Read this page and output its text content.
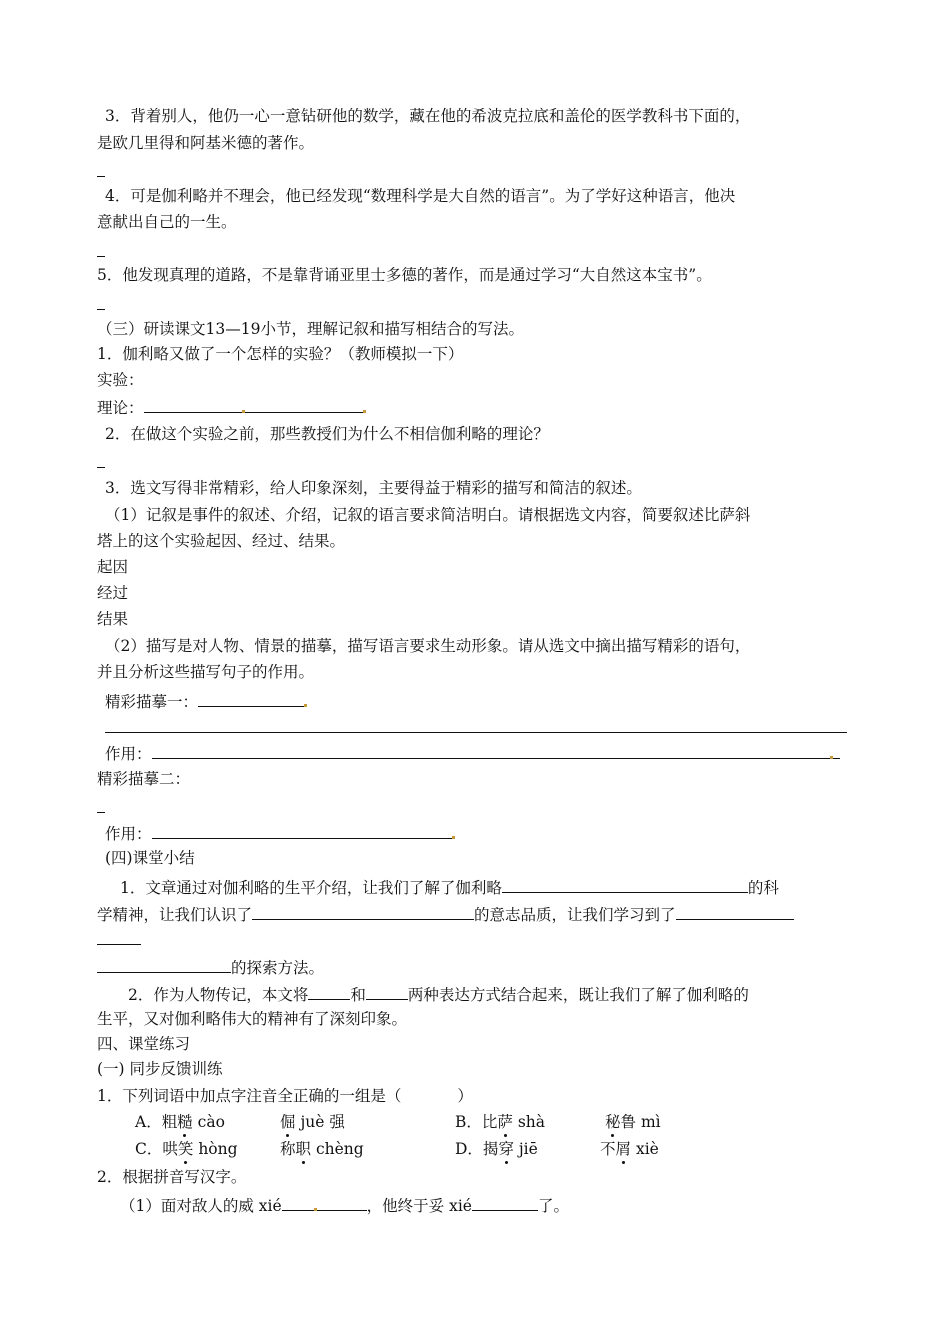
3．背着别人，他仍一心一意钻研他的数学，藏在他的希波克拉底和盖伦的医学教科书下面的，
是欧几里得和阿基米德的著作。
4．可是伽利略并不理会，他已经发现“数理科学是大自然的语言”。为了学好这种语言，他决
意献出自己的一生。
5．他发现真理的道路，不是靠背诵亚里士多德的著作，而是通过学习“大自然这本宝书”。
（三）研读课文13—19小节，理解记叙和描写相结合的写法。
1．伽利略又做了一个怎样的实验？（教师模拟一下）
实验：
理论：
2．在做这个实验之前，那些教授们为什么不相信伽利略的理论？
3．选文写得非常精彩，给人印象深刻，主要得益于精彩的描写和简洁的叙述。
（1）记叙是事件的叙述、介绍，记叙的语言要求简洁明白。请根据选文内容，简要叙述比萨斜
塔上的这个实验起因、经过、结果。
起因
经过
结果
（2）描写是对人物、情景的描摹，描写语言要求生动形象。请从选文中摘出描写精彩的语句，
并且分析这些描写句子的作用。
精彩描摹一：
作用：
精彩描摹二：
作用：
(四)课堂小结
1．文章通过对伽利略的生平介绍，让我们了解了伽利略	的科
学精神，让我们认识了	的意志品质，让我们学习到了
的探索方法。
2．作为人物传记，本文将	和	两种表达方式结合起来，既让我们了解了伽利略的
生平，又对伽利略伟大的精神有了深刻印象。
四、课堂练习
(一) 同步反馈训练
1．下列词语中加点字注音全正确的一组是（	）
A．粗糙 cào	倔 juè 强	B．比萨 shà	秘鲁 mì
C．哄笑 hòng	称职 chèng	D．揭穿 jiē	不屑 xiè
2．根据拼音写汉字。
（1）面对敌人的威 xié	，他终于妥 xié	了。
